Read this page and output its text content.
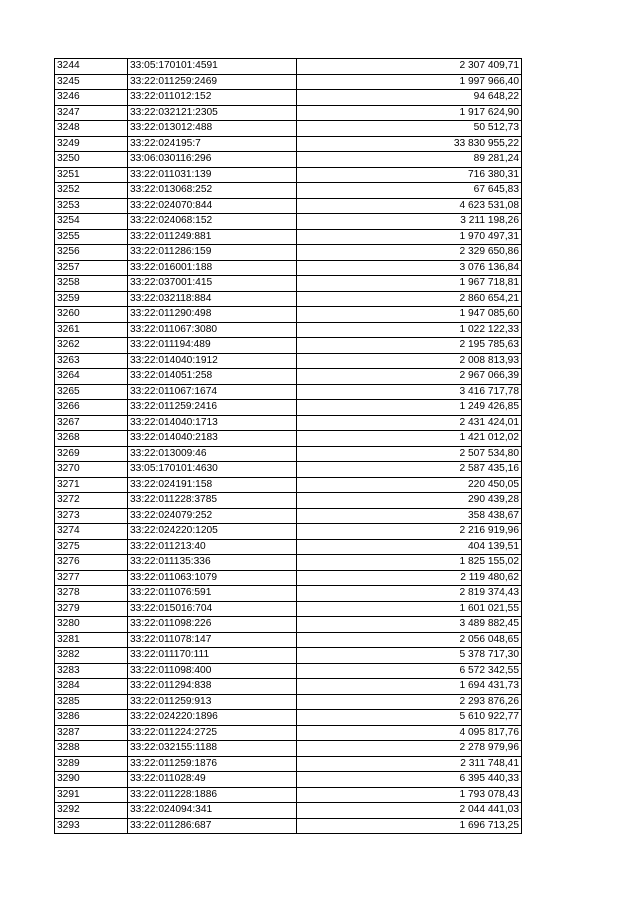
3244	33:05:170101:4591	2 307 409,71
3245	33:22:011259:2469	1 997 966,40
3246	33:22:011012:152	94 648,22
3247	33:22:032121:2305	1 917 624,90
3248	33:22:013012:488	50 512,73
3249	33:22:024195:7	33 830 955,22
3250	33:06:030116:296	89 281,24
3251	33:22:011031:139	716 380,31
3252	33:22:013068:252	67 645,83
3253	33:22:024070:844	4 623 531,08
3254	33:22:024068:152	3 211 198,26
3255	33:22:011249:881	1 970 497,31
3256	33:22:011286:159	2 329 650,86
3257	33:22:016001:188	3 076 136,84
3258	33:22:037001:415	1 967 718,81
3259	33:22:032118:884	2 860 654,21
3260	33:22:011290:498	1 947 085,60
3261	33:22:011067:3080	1 022 122,33
3262	33:22:011194:489	2 195 785,63
3263	33:22:014040:1912	2 008 813,93
3264	33:22:014051:258	2 967 066,39
3265	33:22:011067:1674	3 416 717,78
3266	33:22:011259:2416	1 249 426,85
3267	33:22:014040:1713	2 431 424,01
3268	33:22:014040:2183	1 421 012,02
3269	33:22:013009:46	2 507 534,80
3270	33:05:170101:4630	2 587 435,16
3271	33:22:024191:158	220 450,05
3272	33:22:011228:3785	290 439,28
3273	33:22:024079:252	358 438,67
3274	33:22:024220:1205	2 216 919,96
3275	33:22:011213:40	404 139,51
3276	33:22:011135:336	1 825 155,02
3277	33:22:011063:1079	2 119 480,62
3278	33:22:011076:591	2 819 374,43
3279	33:22:015016:704	1 601 021,55
3280	33:22:011098:226	3 489 882,45
3281	33:22:011078:147	2 056 048,65
3282	33:22:011170:111	5 378 717,30
3283	33:22:011098:400	6 572 342,55
3284	33:22:011294:838	1 694 431,73
3285	33:22:011259:913	2 293 876,26
3286	33:22:024220:1896	5 610 922,77
3287	33:22:011224:2725	4 095 817,76
3288	33:22:032155:1188	2 278 979,96
3289	33:22:011259:1876	2 311 748,41
3290	33:22:011028:49	6 395 440,33
3291	33:22:011228:1886	1 793 078,43
3292	33:22:024094:341	2 044 441,03
3293	33:22:011286:687	1 696 713,25
